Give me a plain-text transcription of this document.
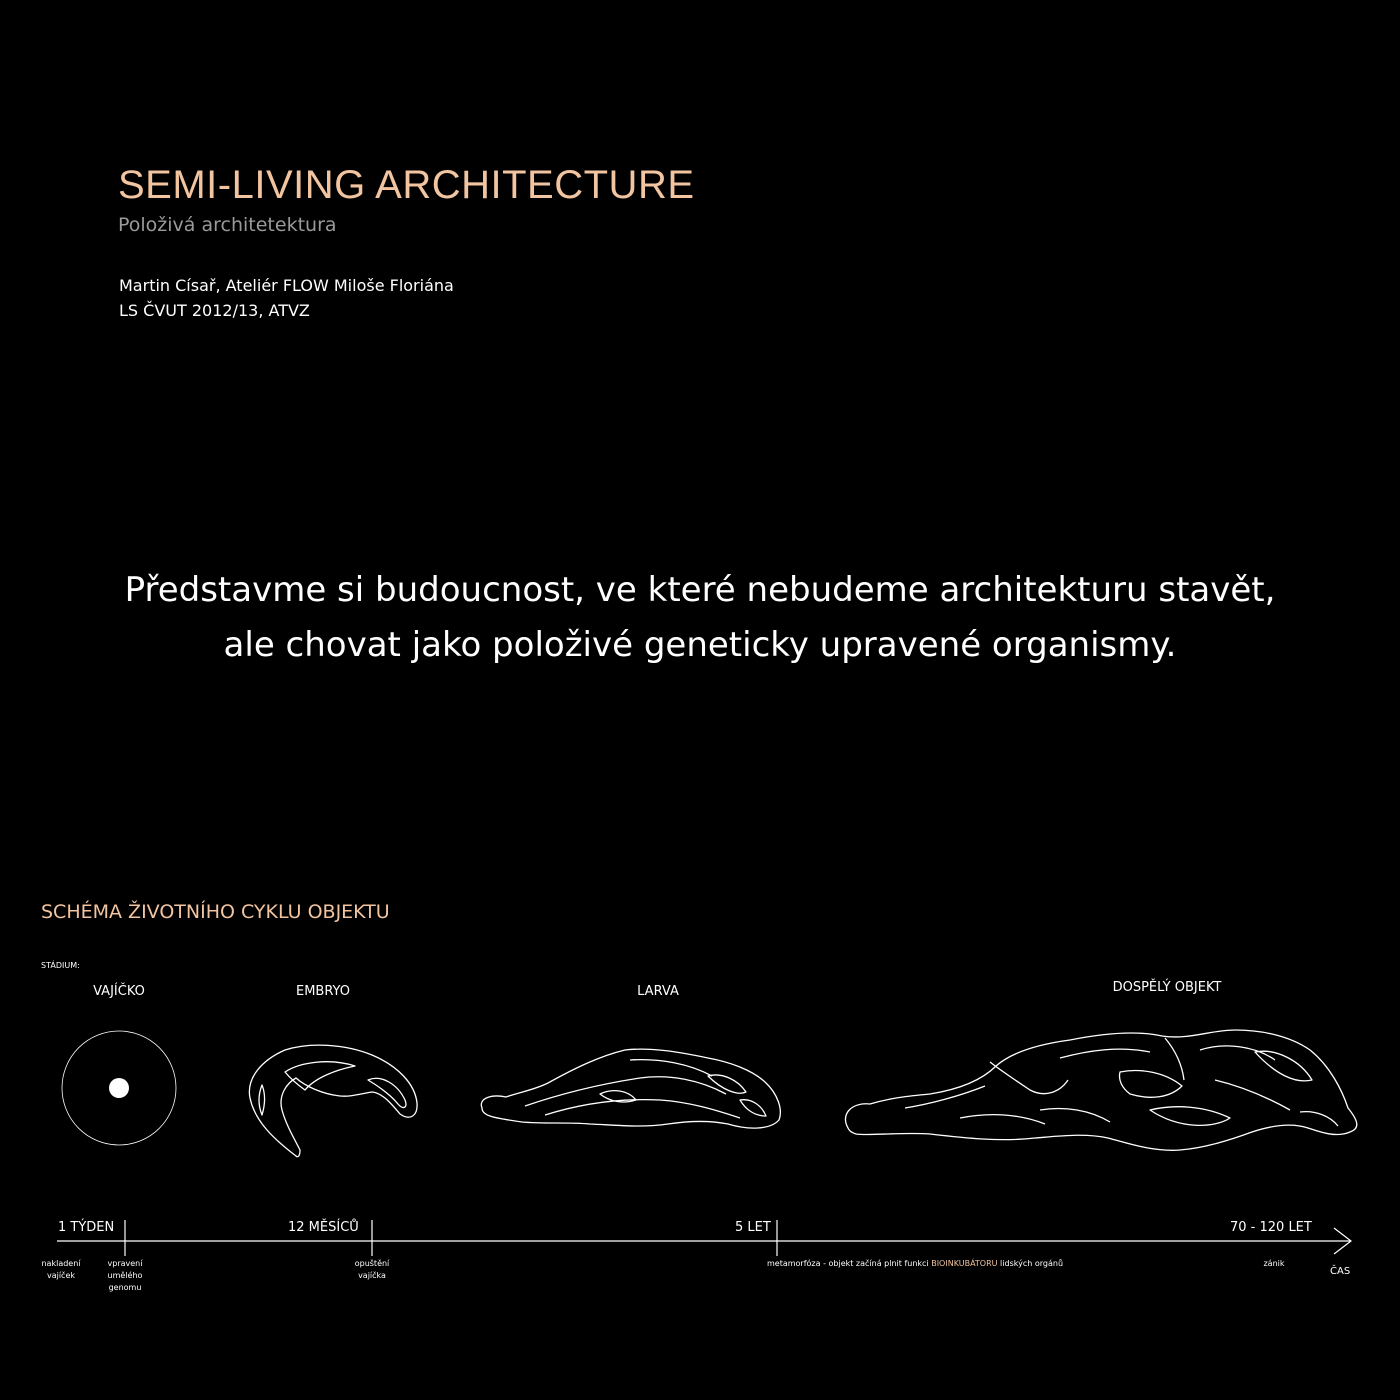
SEMI-LIVING ARCHITECTURE
Položivá architetektura
Martin Císař, Ateliér FLOW Miloše Floriána
LS ČVUT 2012/13, ATVZ
Představme si budoucnost, ve které nebudeme architekturu stavět,
ale chovat jako položivé geneticky upravené organismy.
SCHÉMA ŽIVOTNÍHO CYKLU OBJEKTU
STÁDIUM:
VAJÍČKO	EMBRYO	LARVA	DOSPĚLÝ OBJEKT
1 TÝDEN	12 MĚSÍCŮ	5 LET	70 - 120 LET
nakladení
vajíček
vpravení
umělého
genomu
opuštění
vajíčka
metamorfóza - objekt začíná plnit funkci BIOINKUBÁTORU lidských orgánů	zánik
ČAS
